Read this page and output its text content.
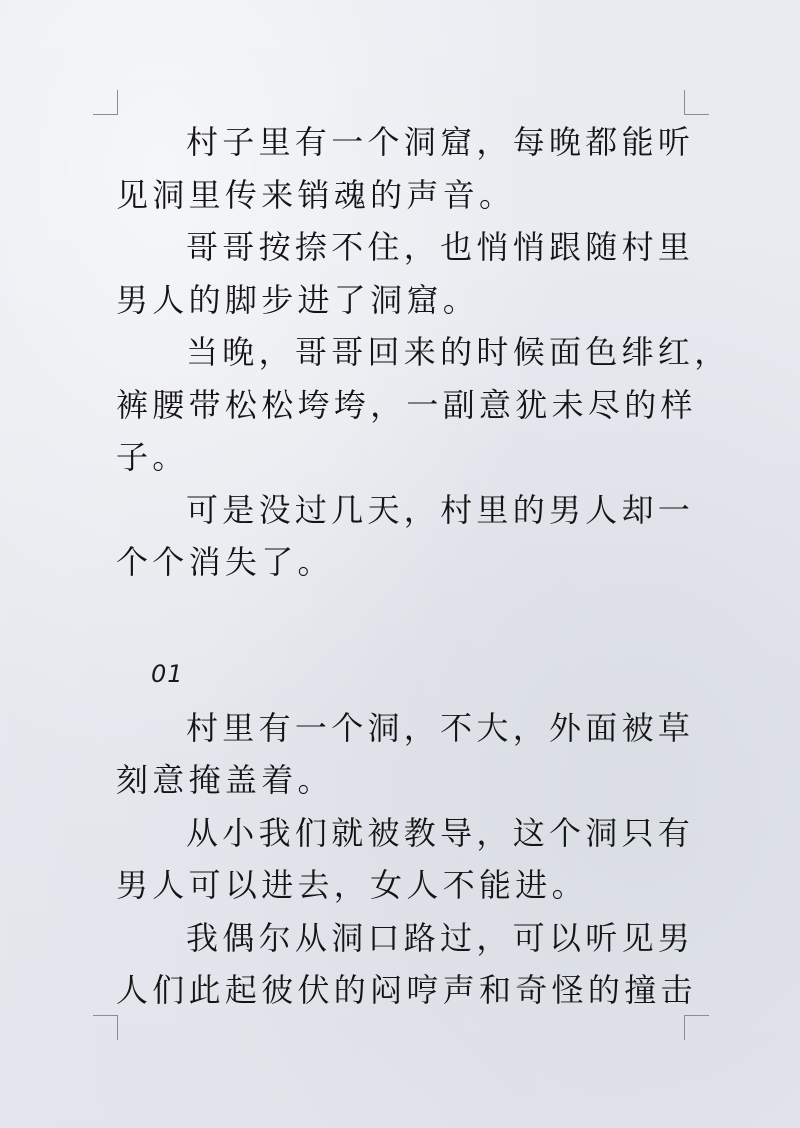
村子里有一个洞窟，每晚都能听
见洞里传来销魂的声音。
哥哥按捺不住，也悄悄跟随村里
男人的脚步进了洞窟。
当晚，哥哥回来的时候面色绯红，
裤腰带松松垮垮，一副意犹未尽的样
子。
可是没过几天，村里的男人却一
个个消失了。
01
村里有一个洞，不大，外面被草
刻意掩盖着。
从小我们就被教导，这个洞只有
男人可以进去，女人不能进。
我偶尔从洞口路过，可以听见男
人们此起彼伏的闷哼声和奇怪的撞击
